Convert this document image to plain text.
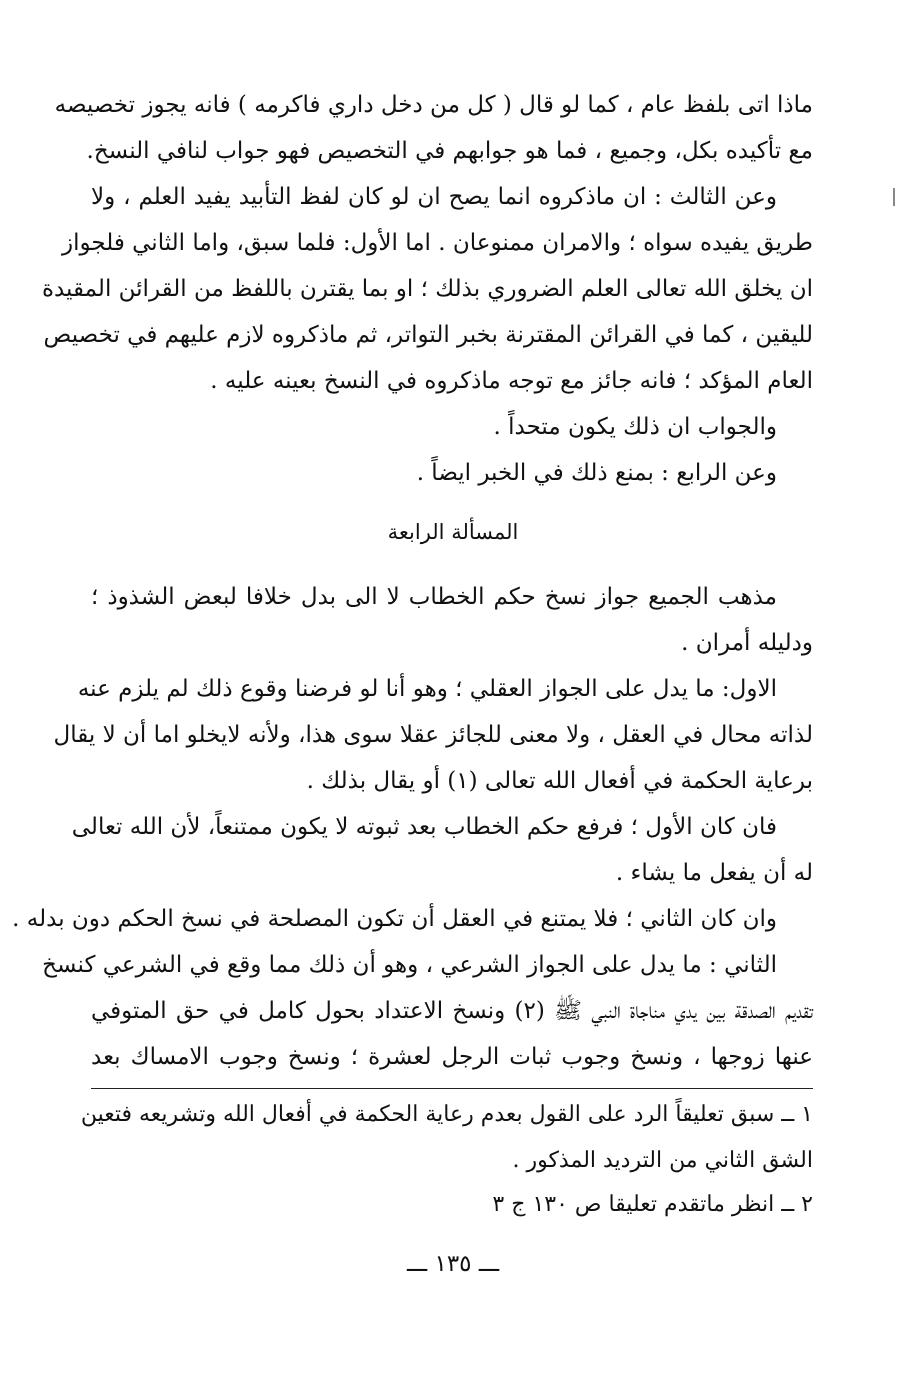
ماذا اتى بلفظ عام ، كما لو قال ( كل من دخل داري فاكرمه ) فانه يجوز تخصيصه
مع تأكيده بكل، وجميع ، فما هو جوابهم في التخصيص فهو جواب لنافي النسخ.
وعن الثالث : ان ماذكروه انما يصح ان لو كان لفظ التأبيد يفيد العلم ، ولا
طريق يفيده سواه ؛ والامران ممنوعان . اما الأول: فلما سبق، واما الثاني فلجواز
ان يخلق الله تعالى العلم الضروري بذلك ؛ او بما يقترن باللفظ من القرائن المقيدة
لليقين ، كما في القرائن المقترنة بخبر التواتر، ثم ماذكروه لازم عليهم في تخصيص
العام المؤكد ؛ فانه جائز مع توجه ماذكروه في النسخ بعينه عليه .
والجواب ان ذلك يكون متحداً .
وعن الرابع : بمنع ذلك في الخبر ايضاً .
المسألة الرابعة
مذهب الجميع جواز نسخ حكم الخطاب لا الى بدل خلافا لبعض الشذوذ ؛
ودليله أمران .
الاول: ما يدل على الجواز العقلي ؛ وهو أنا لو فرضنا وقوع ذلك لم يلزم عنه
لذاته محال في العقل ، ولا معنى للجائز عقلا سوى هذا، ولأنه لايخلو اما أن لا يقال
برعاية الحكمة في أفعال الله تعالى (١) أو يقال بذلك .
فان كان الأول ؛ فرفع حكم الخطاب بعد ثبوته لا يكون ممتنعاً، لأن الله تعالى
له أن يفعل ما يشاء .
وان كان الثاني ؛ فلا يمتنع في العقل أن تكون المصلحة في نسخ الحكم دون بدله .
الثاني : ما يدل على الجواز الشرعي ، وهو أن ذلك مما وقع في الشرعي كنسخ
تقديم الصدقة بين يدي مناجاة النبي ﷺ (٢) ونسخ الاعتداد بحول كامل في حق المتوفي
عنها زوجها ، ونسخ وجوب ثبات الرجل لعشرة ؛ ونسخ وجوب الامساك بعد
١ ــ سبق تعليقاً الرد على القول بعدم رعاية الحكمة في أفعال الله وتشريعه فتعين
الشق الثاني من الترديد المذكور .
٢ ــ انظر ماتقدم تعليقا ص ١٣٠ ج ٣
ـــ ١٣٥ ـــ
